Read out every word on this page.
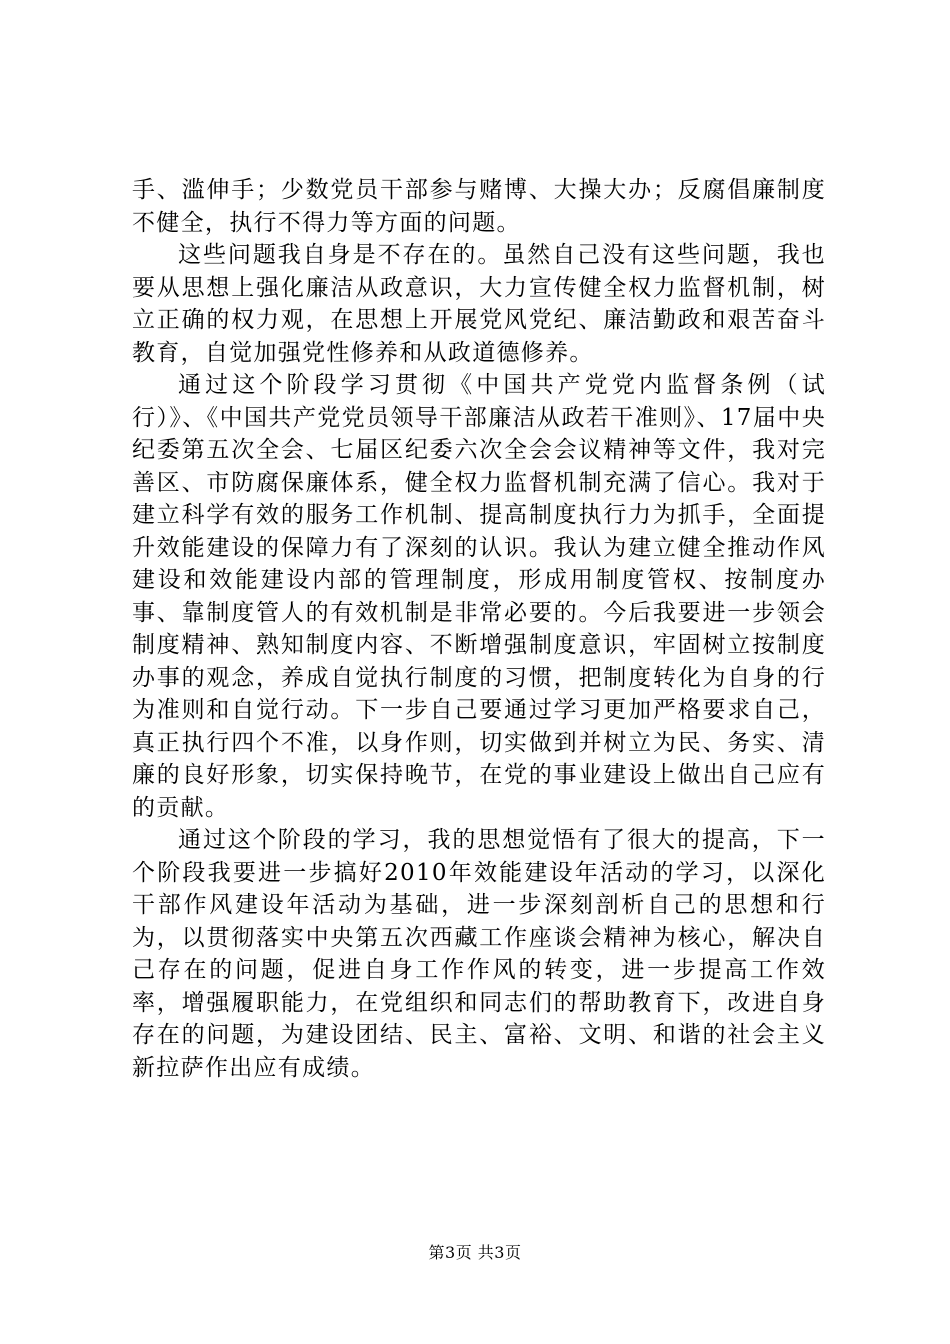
手、滥伸手；少数党员干部参与赌博、大操大办；反腐倡廉制度不健全，执行不得力等方面的问题。

这些问题我自身是不存在的。虽然自己没有这些问题，我也要从思想上强化廉洁从政意识，大力宣传健全权力监督机制，树立正确的权力观，在思想上开展党风党纪、廉洁勤政和艰苦奋斗教育，自觉加强党性修养和从政道德修养。

通过这个阶段学习贯彻《中国共产党党内监督条例（试行）》、《中国共产党党员领导干部廉洁从政若干准则》、17届中央纪委第五次全会、七届区纪委六次全会会议精神等文件，我对完善区、市防腐保廉体系，健全权力监督机制充满了信心。我对于建立科学有效的服务工作机制、提高制度执行力为抓手，全面提升效能建设的保障力有了深刻的认识。我认为建立健全推动作风建设和效能建设内部的管理制度，形成用制度管权、按制度办事、靠制度管人的有效机制是非常必要的。今后我要进一步领会制度精神、熟知制度内容、不断增强制度意识，牢固树立按制度办事的观念，养成自觉执行制度的习惯，把制度转化为自身的行为准则和自觉行动。下一步自己要通过学习更加严格要求自己，真正执行四个不准，以身作则，切实做到并树立为民、务实、清廉的良好形象，切实保持晚节，在党的事业建设上做出自己应有的贡献。

通过这个阶段的学习，我的思想觉悟有了很大的提高，下一个阶段我要进一步搞好2010年效能建设年活动的学习，以深化干部作风建设年活动为基础，进一步深刻剖析自己的思想和行为，以贯彻落实中央第五次西藏工作座谈会精神为核心，解决自己存在的问题，促进自身工作作风的转变，进一步提高工作效率，增强履职能力，在党组织和同志们的帮助教育下，改进自身存在的问题，为建设团结、民主、富裕、文明、和谐的社会主义新拉萨作出应有成绩。

第3页 共3页
